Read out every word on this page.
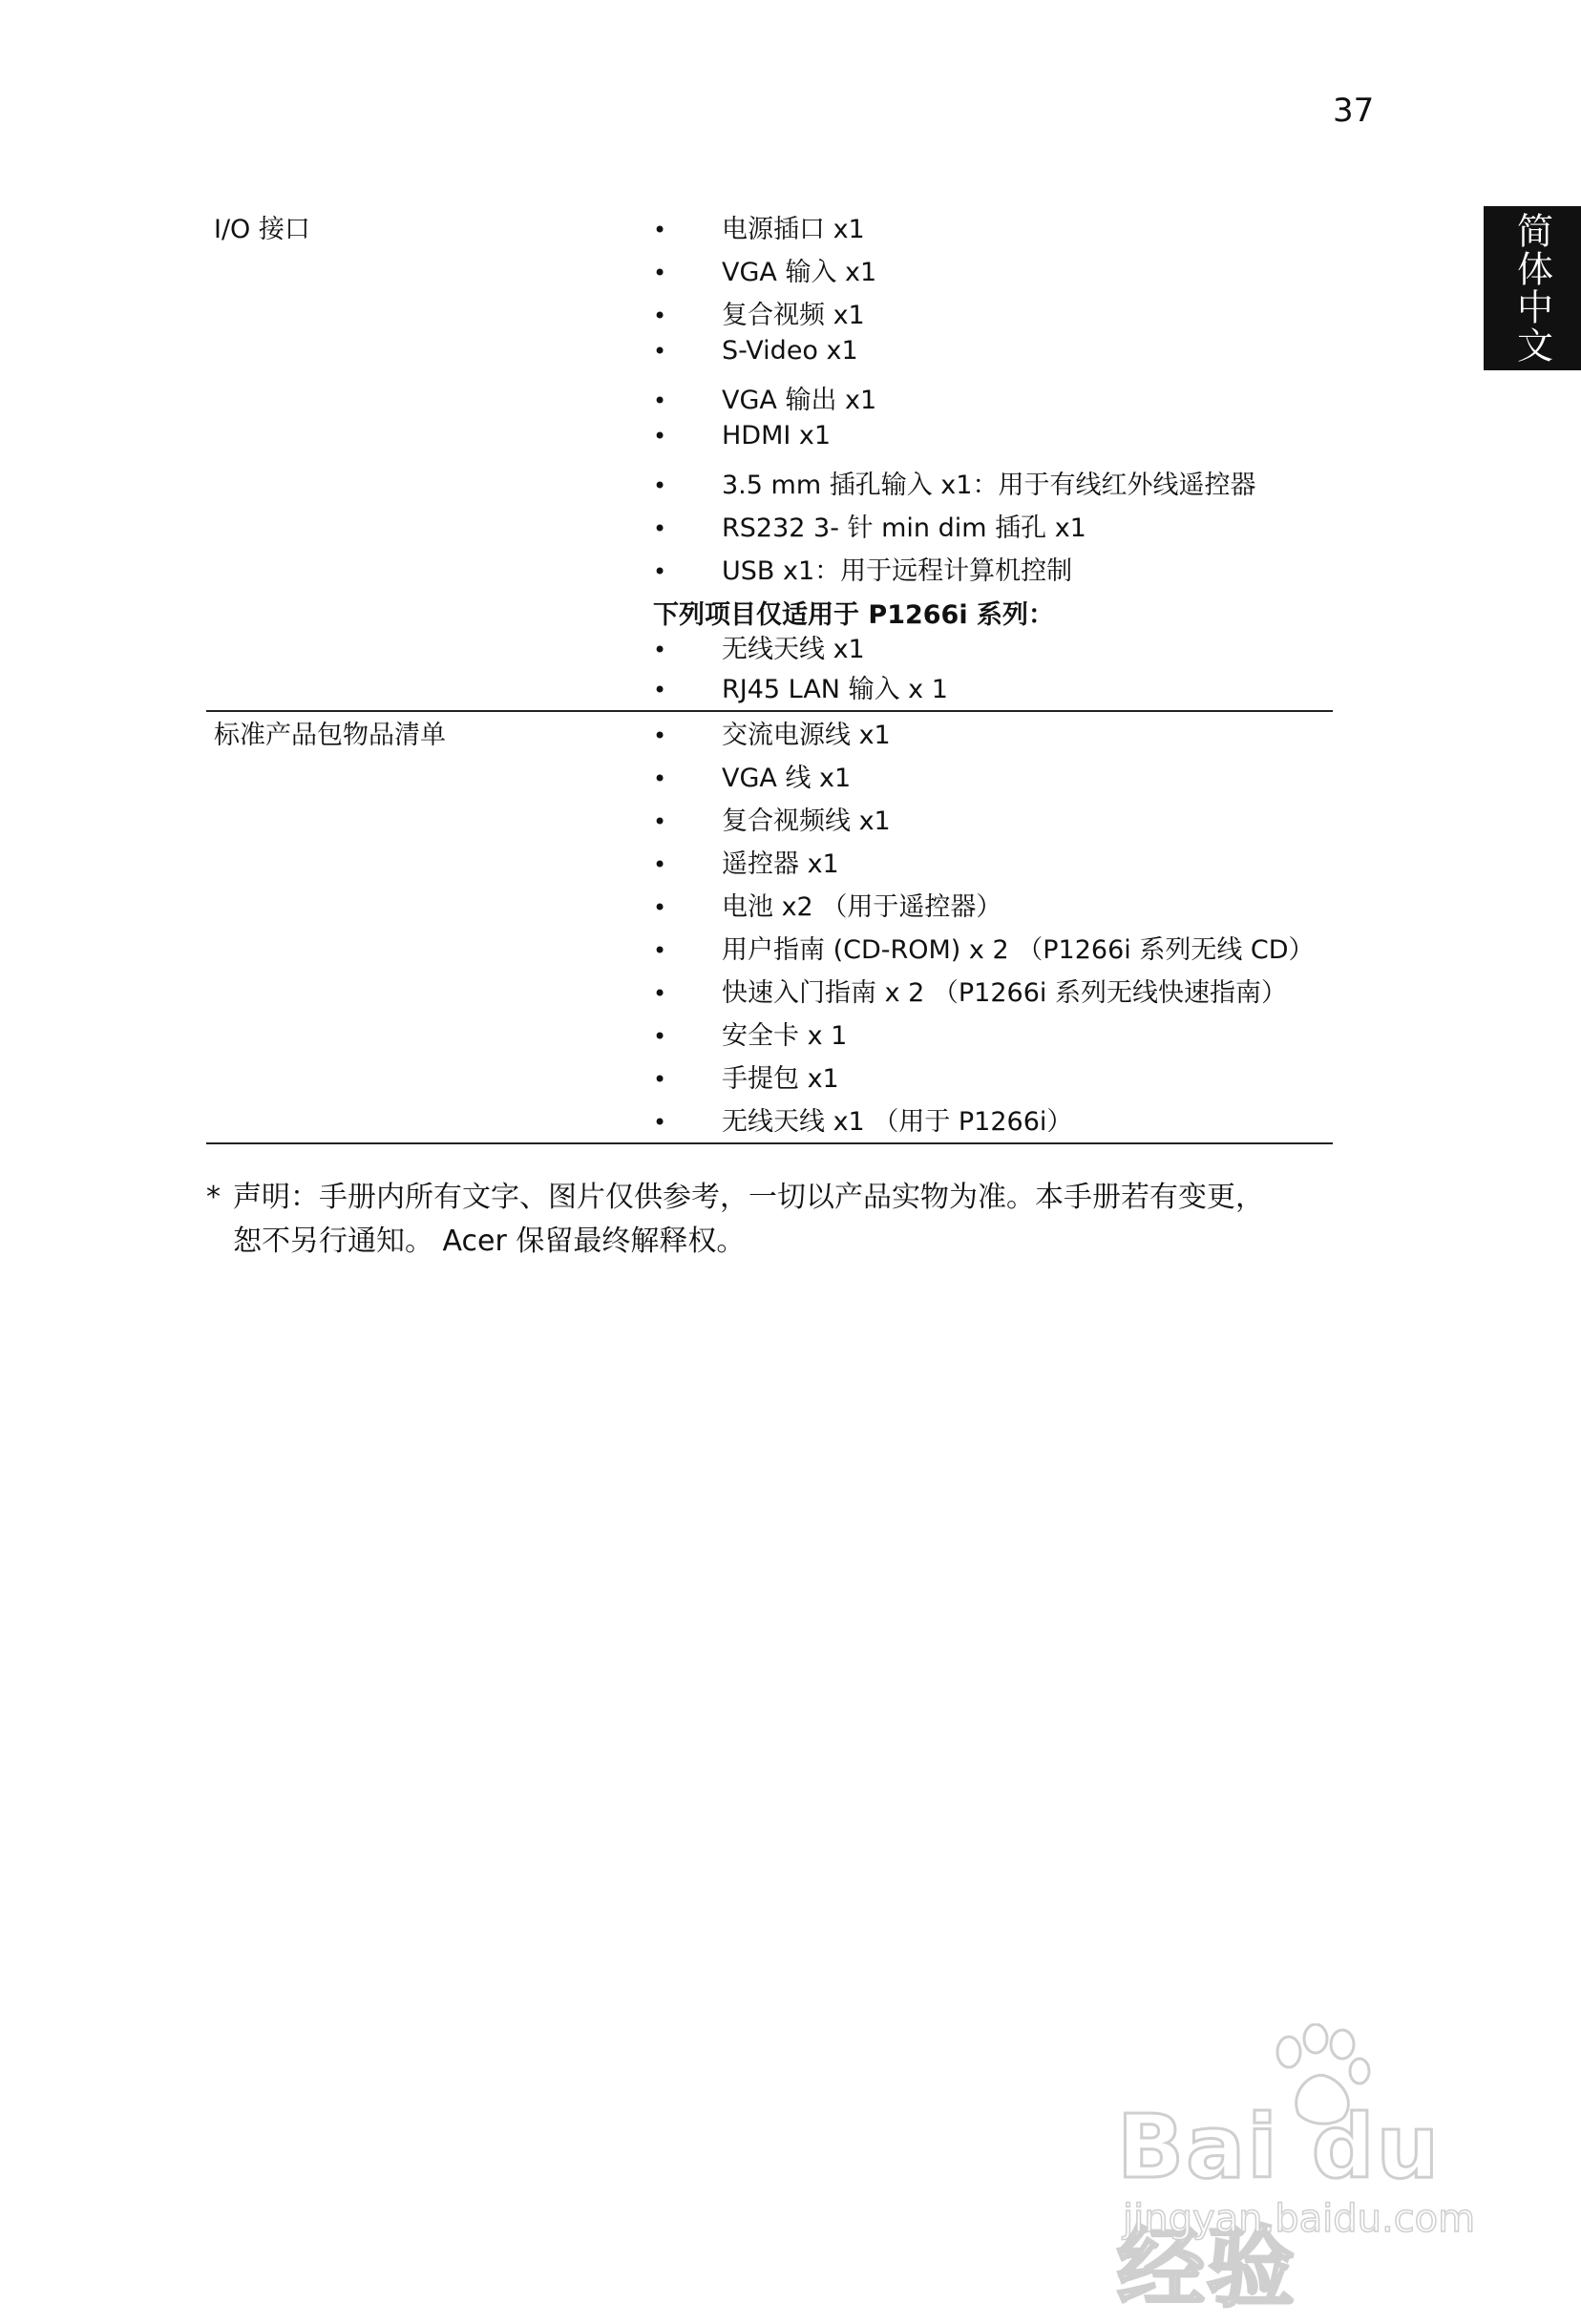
37
简体中文
I/O 接口	• 电源插口 x1
• VGA 输入 x1
• 复合视频 x1
• S-Video x1
• VGA 输出 x1
• HDMI x1
• 3.5 mm 插孔输入 x1：用于有线红外线遥控器
• RS232 3- 针 min dim 插孔 x1
• USB x1：用于远程计算机控制
下列项目仅适用于 P1266i 系列：
• 无线天线 x1
• RJ45 LAN 输入 x 1
标准产品包物品清单	• 交流电源线 x1
• VGA 线 x1
• 复合视频线 x1
• 遥控器 x1
• 电池 x2 （用于遥控器）
• 用户指南 (CD-ROM) x 2 （P1266i 系列无线 CD）
• 快速入门指南 x 2 （P1266i 系列无线快速指南）
• 安全卡 x 1
• 手提包 x1
• 无线天线 x1 （用于 P1266i）
* 声明：手册内所有文字、图片仅供参考，一切以产品实物为准。本手册若有变更，
恕不另行通知。 Acer 保留最终解释权。
Bai du 经验
jingyan.baidu.com
